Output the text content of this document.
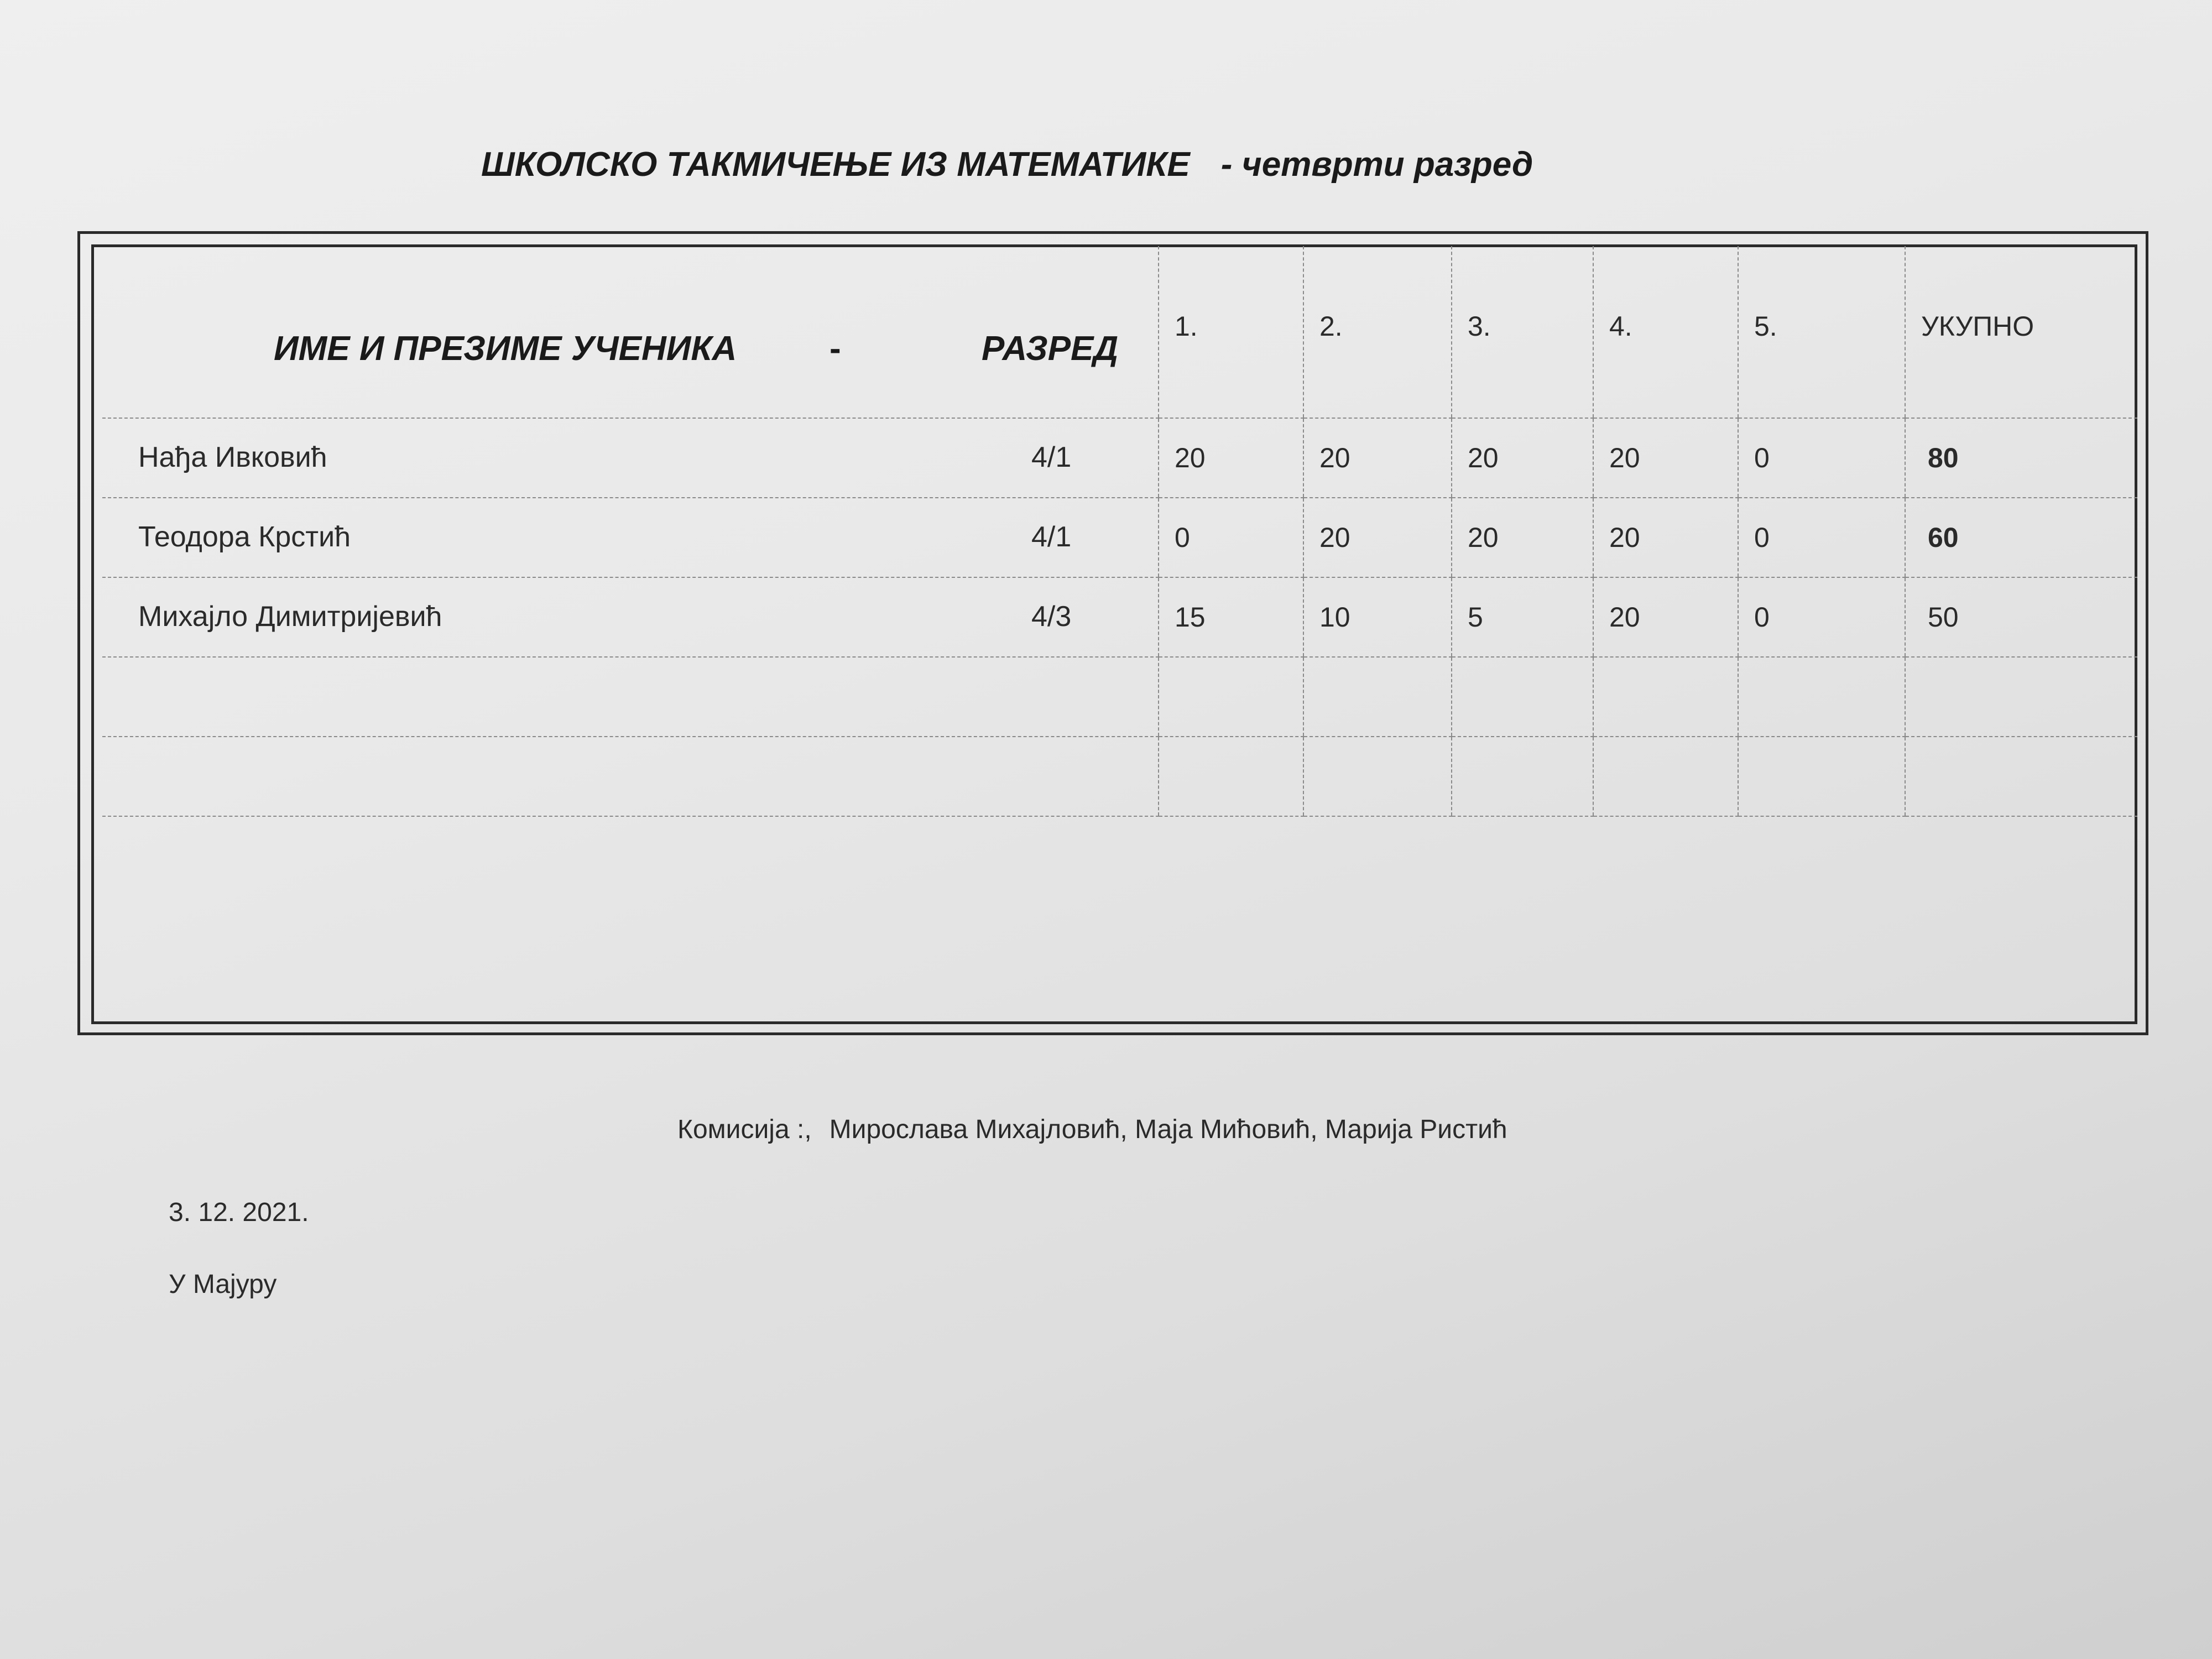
ШКОЛСКО ТАКМИЧЕЊЕ ИЗ МАТЕМАТИКЕ - четврти разред
ИМЕ И ПРЕЗИМЕ УЧЕНИКА - РАЗРЕД	1.	2.	3.	4.	5.	УКУПНО

Нађа Ивковић 4/1	20	20	20	20	0	80

Теодора Крстић 4/1	0	20	20	20	0	60

Михајло Димитријевић 4/3	15	10	5	20	0	50

Комисија :, Мирослава Михајловић, Маја Мићовић, Марија Ристић
3. 12. 2021.
У Мајуру
